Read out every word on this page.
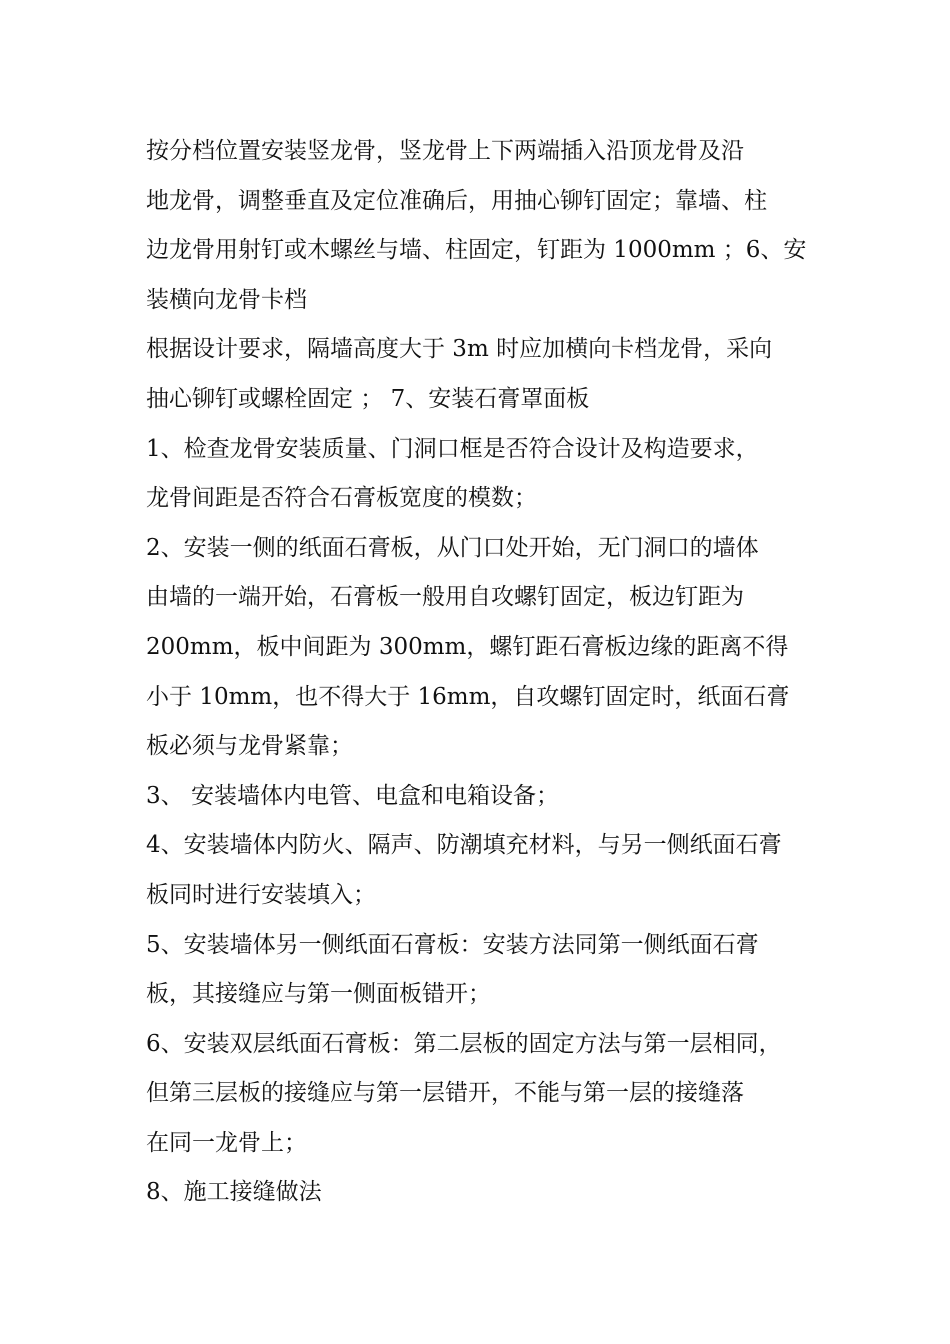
按分档位置安装竖龙骨，竖龙骨上下两端插入沿顶龙骨及沿
地龙骨，调整垂直及定位准确后，用抽心铆钉固定；靠墙、柱
边龙骨用射钉或木螺丝与墙、柱固定，钉距为 1000mm ；6、安
装横向龙骨卡档
根据设计要求，隔墙高度大于 3m 时应加横向卡档龙骨，采向
抽心铆钉或螺栓固定 ； 7、安装石膏罩面板
1、检查龙骨安装质量、门洞口框是否符合设计及构造要求，
龙骨间距是否符合石膏板宽度的模数；
2、安装一侧的纸面石膏板，从门口处开始，无门洞口的墙体
由墙的一端开始，石膏板一般用自攻螺钉固定，板边钉距为
200mm，板中间距为 300mm，螺钉距石膏板边缘的距离不得
小于 10mm，也不得大于 16mm，自攻螺钉固定时，纸面石膏
板必须与龙骨紧靠；
3、 安装墙体内电管、电盒和电箱设备；
4、安装墙体内防火、隔声、防潮填充材料，与另一侧纸面石膏
板同时进行安装填入；
5、安装墙体另一侧纸面石膏板：安装方法同第一侧纸面石膏
板，其接缝应与第一侧面板错开；
6、安装双层纸面石膏板：第二层板的固定方法与第一层相同，
但第三层板的接缝应与第一层错开，不能与第一层的接缝落
在同一龙骨上；
8、施工接缝做法
